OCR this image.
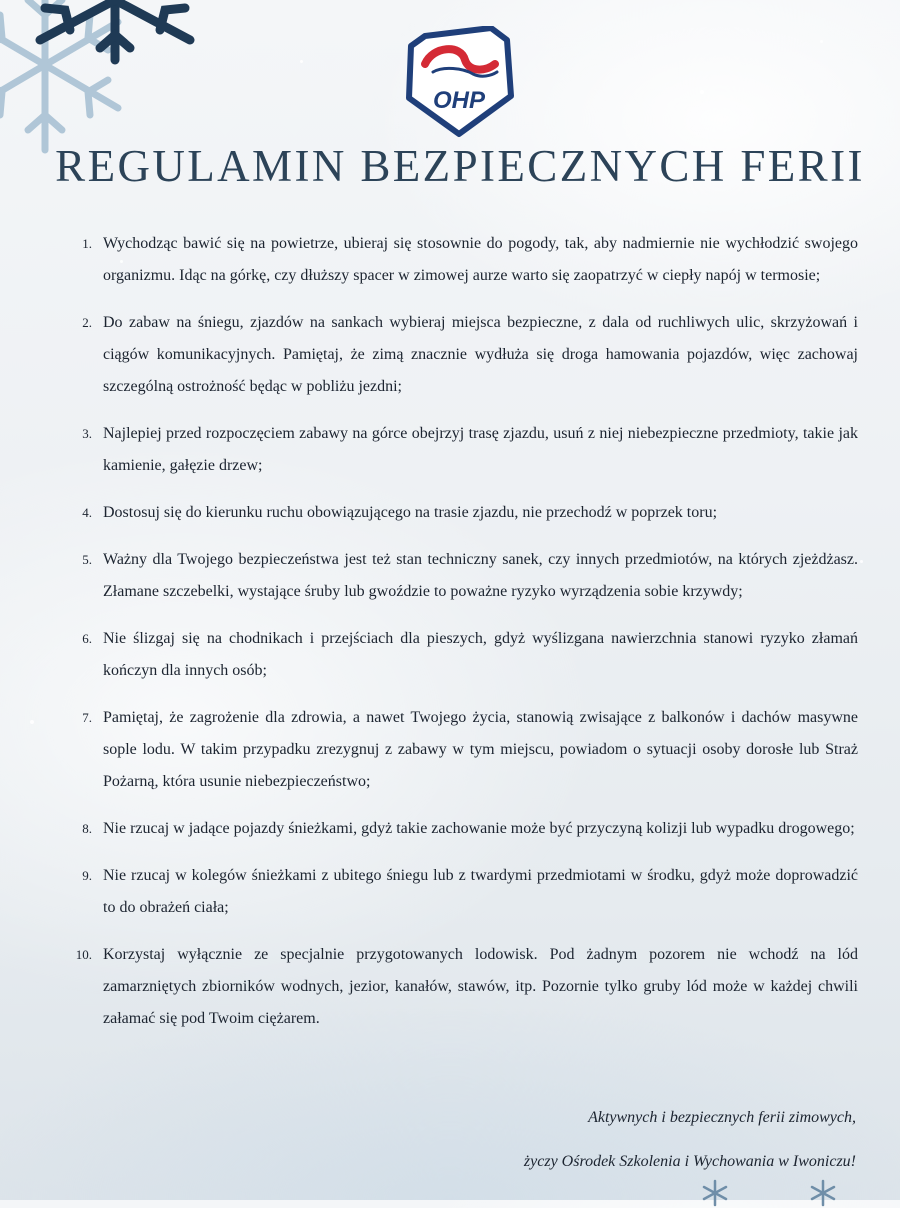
OHP
REGULAMIN BEZPIECZNYCH FERII
1. Wychodząc bawić się na powietrze, ubieraj się stosownie do pogody, tak, aby nadmiernie nie wychłodzić swojego organizmu. Idąc na górkę, czy dłuższy spacer w zimowej aurze warto się zaopatrzyć w ciepły napój w termosie;
2. Do zabaw na śniegu, zjazdów na sankach wybieraj miejsca bezpieczne, z dala od ruchliwych ulic, skrzyżowań i ciągów komunikacyjnych. Pamiętaj, że zimą znacznie wydłuża się droga hamowania pojazdów, więc zachowaj szczególną ostrożność będąc w pobliżu jezdni;
3. Najlepiej przed rozpoczęciem zabawy na górce obejrzyj trasę zjazdu, usuń z niej niebezpieczne przedmioty, takie jak kamienie, gałęzie drzew;
4. Dostosuj się do kierunku ruchu obowiązującego na trasie zjazdu, nie przechodź w poprzek toru;
5. Ważny dla Twojego bezpieczeństwa jest też stan techniczny sanek, czy innych przedmiotów, na których zjeżdżasz. Złamane szczebelki, wystające śruby lub gwoździe to poważne ryzyko wyrządzenia sobie krzywdy;
6. Nie ślizgaj się na chodnikach i przejściach dla pieszych, gdyż wyślizgana nawierzchnia stanowi ryzyko złamań kończyn dla innych osób;
7. Pamiętaj, że zagrożenie dla zdrowia, a nawet Twojego życia, stanowią zwisające z balkonów i dachów masywne sople lodu. W takim przypadku zrezygnuj z zabawy w tym miejscu, powiadom o sytuacji osoby dorosłe lub Straż Pożarną, która usunie niebezpieczeństwo;
8. Nie rzucaj w jadące pojazdy śnieżkami, gdyż takie zachowanie może być przyczyną kolizji lub wypadku drogowego;
9. Nie rzucaj w kolegów śnieżkami z ubitego śniegu lub z twardymi przedmiotami w środku, gdyż może doprowadzić to do obrażeń ciała;
10. Korzystaj wyłącznie ze specjalnie przygotowanych lodowisk. Pod żadnym pozorem nie wchodź na lód zamarzniętych zbiorników wodnych, jezior, kanałów, stawów, itp. Pozornie tylko gruby lód może w każdej chwili załamać się pod Twoim ciężarem.
Aktywnych i bezpiecznych ferii zimowych,
życzy Ośrodek Szkolenia i Wychowania w Iwoniczu!
